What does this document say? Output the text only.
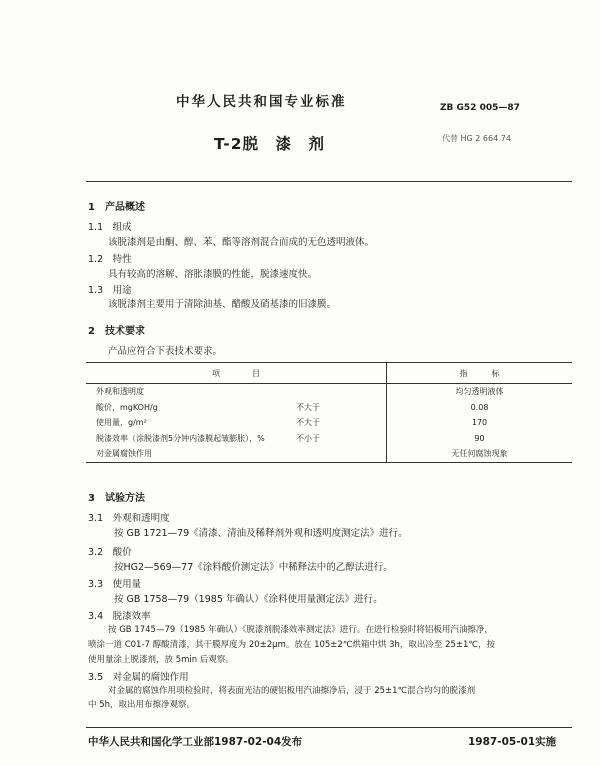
中华人民共和国专业标准	ZB G52 005—87
T-2脱　漆　剂	代替 HG 2 664 74
1　产品概述
1.1　组成
该脱漆剂是由酮、醇、苯、酯等溶剂混合而成的无色透明液体。
1.2　特性
具有较高的溶解、溶胀漆膜的性能，脱漆速度快。
1.3　用途
该脱漆剂主要用于清除油基、醋酸及硝基漆的旧漆膜。
2　技术要求
产品应符合下表技术要求。
项　　　　目		指　　　标
外观和透明度		均匀透明液体
酸价，mgKOH/g	不大于	0.08
使用量，g/m²	不大于	170
脱漆效率（涂脱漆剂5分钟内漆膜起皱膨胀），%	不小于	90
对金属腐蚀作用		无任何腐蚀现象
3　试验方法
3.1　外观和透明度
按 GB 1721—79《清漆、清油及稀释剂外观和透明度测定法》进行。
3.2　酸价
按HG2—569—77《涂料酸价测定法》中稀释法中的乙醇法进行。
3.3　使用量
按 GB 1758—79（1985 年确认）《涂料使用量测定法》进行。
3.4　脱漆效率
按 GB 1745—79（1985 年确认）《脱漆剂脱漆效率测定法》进行。在进行检验时将铝板用汽油擦净，
喷涂一道 C01-7 醇酸清漆，其干膜厚度为 20±2μm。放在 105±2℃烘箱中烘 3h，取出冷至 25±1℃，按
使用量涂上脱漆剂，放 5min 后观察。
3.5　对金属的腐蚀作用
对金属的腐蚀作用项检验时，将表面光洁的硬铝板用汽油擦净后，浸于 25±1℃混合均匀的脱漆剂
中 5h，取出用布擦净观察。
中华人民共和国化学工业部1987-02-04发布	1987-05-01实施
